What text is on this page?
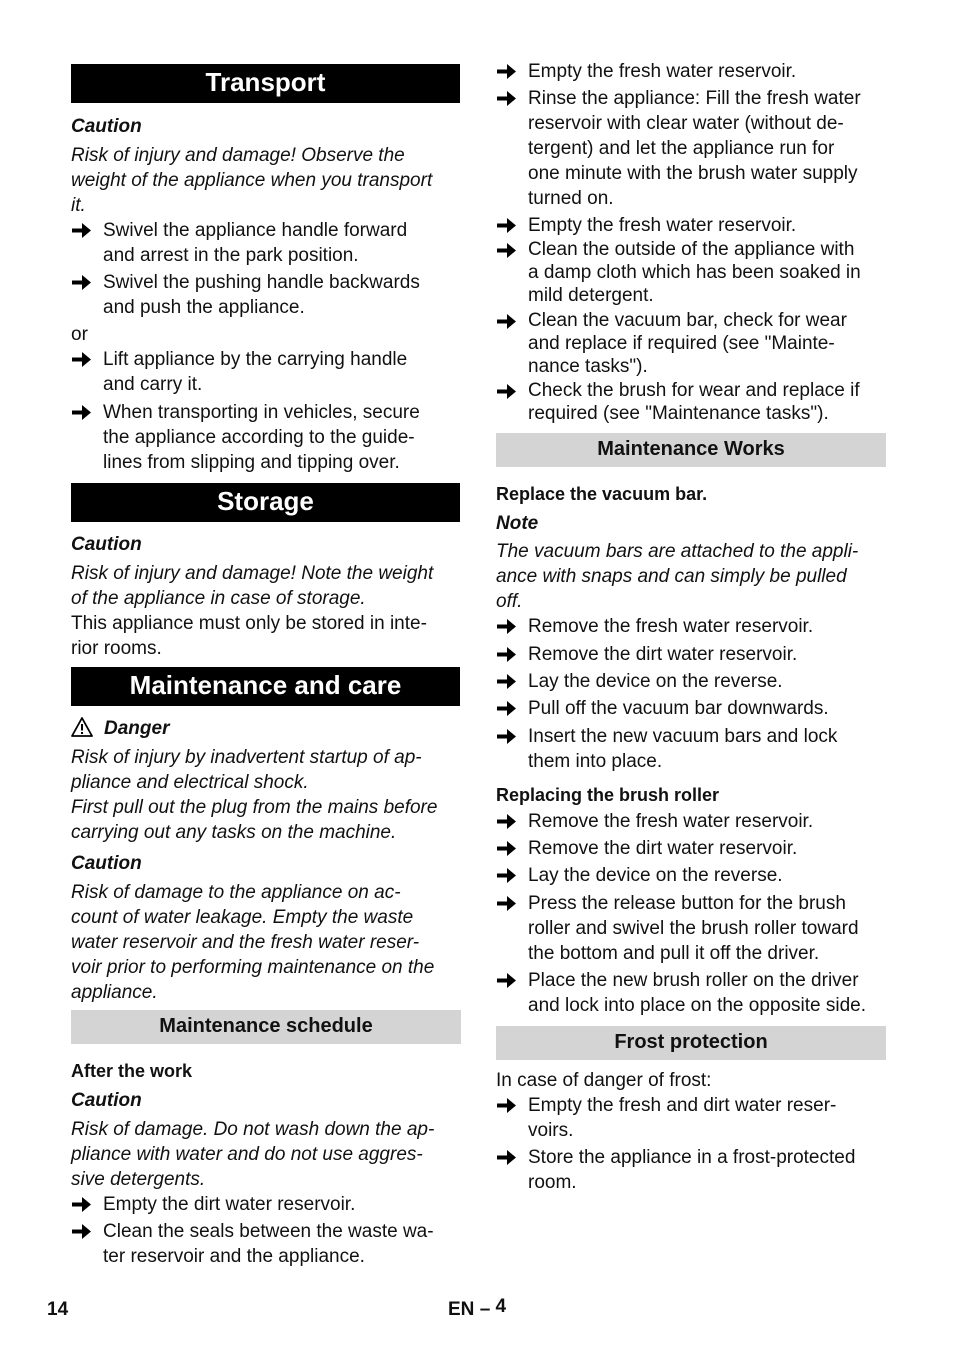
Transport
Caution
Risk of injury and damage! Observe the
weight of the appliance when you transport
it.
Swivel the appliance handle forward
and arrest in the park position.
Swivel the pushing handle backwards
and push the appliance.
or
Lift appliance by the carrying handle
and carry it.
When transporting in vehicles, secure
the appliance according to the guide-
lines from slipping and tipping over.
Storage
Caution
Risk of injury and damage! Note the weight
of the appliance in case of storage.
This appliance must only be stored in inte-
rior rooms.
Maintenance and care
Danger
Risk of injury by inadvertent startup of ap-
pliance and electrical shock.
First pull out the plug from the mains before
carrying out any tasks on the machine.
Caution
Risk of damage to the appliance on ac-
count of water leakage. Empty the waste
water reservoir and the fresh water reser-
voir prior to performing maintenance on the
appliance.
Maintenance schedule
After the work
Caution
Risk of damage. Do not wash down the ap-
pliance with water and do not use aggres-
sive detergents.
Empty the dirt water reservoir.
Clean the seals between the waste wa-
ter reservoir and the appliance.
Empty the fresh water reservoir.
Rinse the appliance: Fill the fresh water
reservoir with clear water (without de-
tergent) and let the appliance run for
one minute with the brush water supply
turned on.
Empty the fresh water reservoir.
Clean the outside of the appliance with
a damp cloth which has been soaked in
mild detergent.
Clean the vacuum bar, check for wear
and replace if required (see "Mainte-
nance tasks").
Check the brush for wear and replace if
required (see "Maintenance tasks").
Maintenance Works
Replace the vacuum bar.
Note
The vacuum bars are attached to the appli-
ance with snaps and can simply be pulled
off.
Remove the fresh water reservoir.
Remove the dirt water reservoir.
Lay the device on the reverse.
Pull off the vacuum bar downwards.
Insert the new vacuum bars and lock
them into place.
Replacing the brush roller
Remove the fresh water reservoir.
Remove the dirt water reservoir.
Lay the device on the reverse.
Press the release button for the brush
roller and swivel the brush roller toward
the bottom and pull it off the driver.
Place the new brush roller on the driver
and lock into place on the opposite side.
Frost protection
In case of danger of frost:
Empty the fresh and dirt water reser-
voirs.
Store the appliance in a frost-protected
room.
14	EN – 4
